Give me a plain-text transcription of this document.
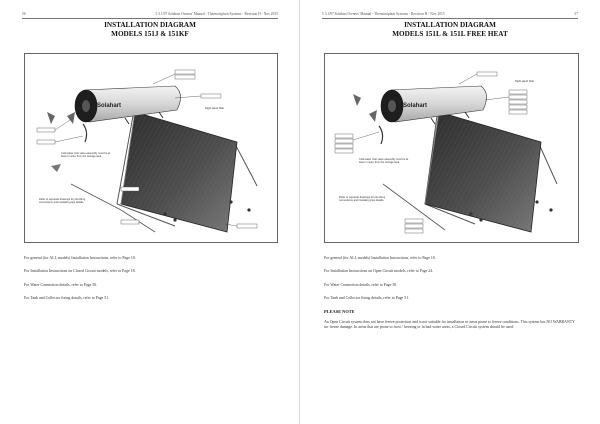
56	5 3.1/97 Solahart Owners' Manual - Thermosiphon Systems - Revision H - Nov 2015
INSTALLATION DIAGRAM
MODELS 151J & 151KF
Solahart	Right Hand Side
Cold water inlet valve assembly must be at least 1 metre from the storage tank.
Refer to separate drawings for plumbing connections and insulating pipe details.

For general (for ALL models) Installation Instructions, refer to Page 10.

For Installation Instructions on Closed Circuit models, refer to Page 18.

For Water Connection details, refer to Page 50.

For Tank and Collector fixing details, refer to Page 51.

5 3.1/97 Solahart Owners' Manual - Thermosiphon Systems - Revision H - Nov 2015	57
INSTALLATION DIAGRAM
MODELS 151L & 151L FREE HEAT
Solahart
Right Hand Side
Cold water inlet valve assembly must be at least 1 metre from the storage tank.
Refer to separate drawings for plumbing connections and insulating pipe details.

For general (for ALL models) Installation Instructions, refer to Page 10.

For Installation Instructions on Open Circuit models, refer to Page 24.

For Water Connection details, refer to Page 50.

For Tank and Collector fixing details, refer to Page 51.

PLEASE NOTE

An Open Circuit system does not have freeze protection and is not suitable for installation in areas prone to freeze conditions. This system has NO WARRANTY for freeze damage. In areas that are prone to frost / freezing or in bad water areas, a Closed Circuit system should be used.
